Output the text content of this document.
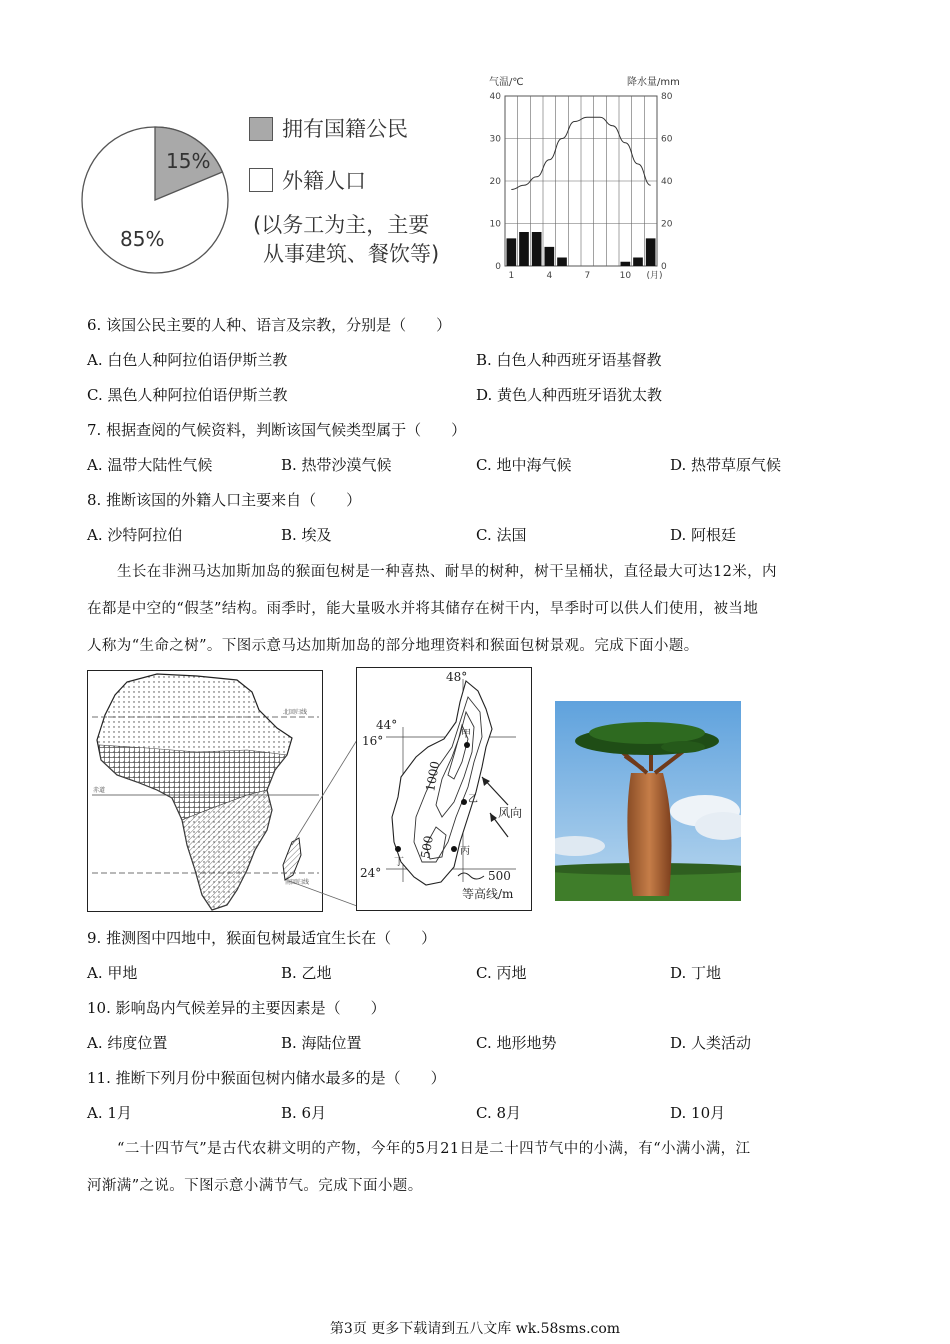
15%
85%
拥有国籍公民
外籍人口
(以务工为主，主要
从事建筑、餐饮等)
气温/℃	降水量/mm
40
30
20
10
0
80
60
40
20
0
1	4	7	10 (月)
6. 该国公民主要的人种、语言及宗教，分别是（　　）
A. 白色人种阿拉伯语伊斯兰教	B. 白色人种西班牙语基督教
C. 黑色人种阿拉伯语伊斯兰教	D. 黄色人种西班牙语犹太教
7. 根据查阅的气候资料，判断该国气候类型属于（　　）
A. 温带大陆性气候	B. 热带沙漠气候	C. 地中海气候	D. 热带草原气候
8. 推断该国的外籍人口主要来自（　　）
A. 沙特阿拉伯	B. 埃及	C. 法国	D. 阿根廷
生长在非洲马达加斯加岛的猴面包树是一种喜热、耐旱的树种，树干呈桶状，直径最大可达12米，内
在都是中空的“假茎”结构。雨季时，能大量吸水并将其储存在树干内，旱季时可以供人们使用，被当地
人称为“生命之树”。下图示意马达加斯加岛的部分地理资料和猴面包树景观。完成下面小题。
北回归线
赤道
南回归线
48°
44°
16°
24°
1000
500
甲
乙
丙
丁
风向
500
等高线/m
9. 推测图中四地中，猴面包树最适宜生长在（　　）
A. 甲地	B. 乙地	C. 丙地	D. 丁地
10. 影响岛内气候差异的主要因素是（　　）
A. 纬度位置	B. 海陆位置	C. 地形地势	D. 人类活动
11. 推断下列月份中猴面包树内储水最多的是（　　）
A. 1月	B. 6月	C. 8月	D. 10月
“二十四节气”是古代农耕文明的产物，今年的5月21日是二十四节气中的小满，有“小满小满，江
河渐满”之说。下图示意小满节气。完成下面小题。
第3页 更多下载请到五八文库 wk.58sms.com
